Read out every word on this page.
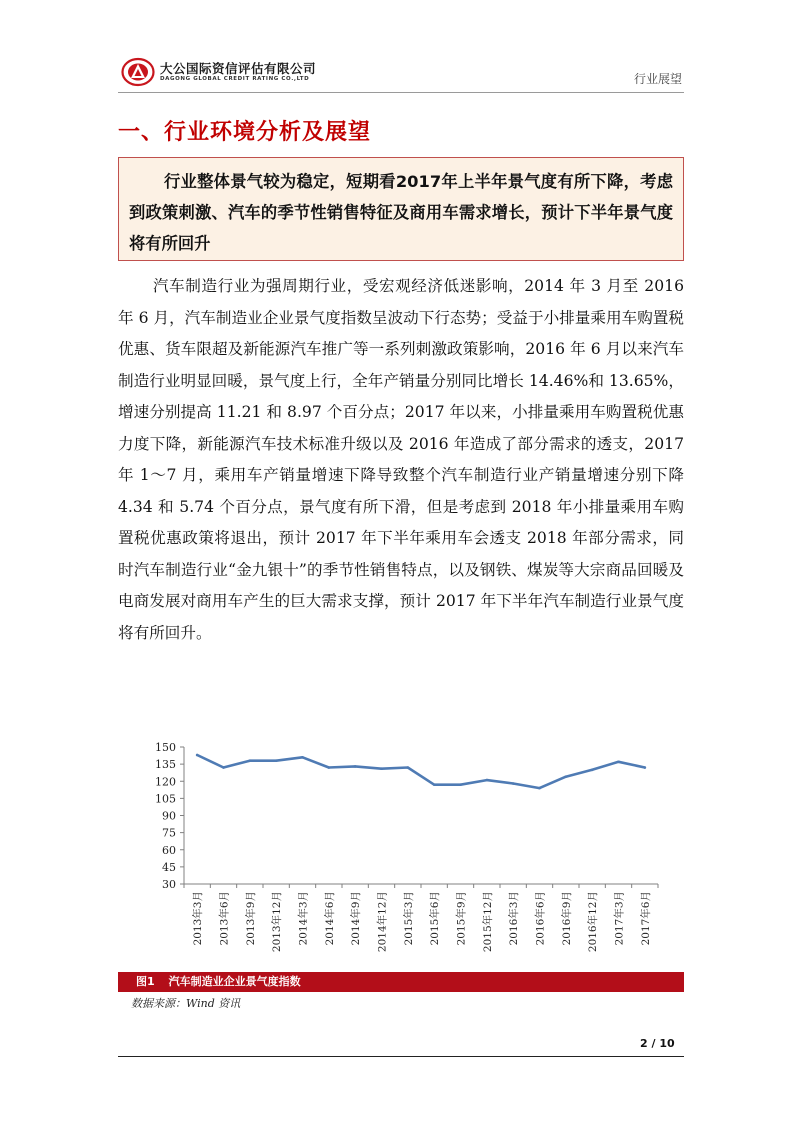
大公国际资信评估有限公司
DAGONG GLOBAL CREDIT RATING CO.,LTD	行业展望
一、行业环境分析及展望
行业整体景气较为稳定，短期看2017年上半年景气度有所下降，考虑到政策刺激、汽车的季节性销售特征及商用车需求增长，预计下半年景气度将有所回升
汽车制造行业为强周期行业，受宏观经济低迷影响，2014 年 3 月至 2016 年 6 月，汽车制造业企业景气度指数呈波动下行态势；受益于小排量乘用车购置税优惠、货车限超及新能源汽车推广等一系列刺激政策影响，2016 年 6 月以来汽车制造行业明显回暖，景气度上行，全年产销量分别同比增长 14.46%和 13.65%，增速分别提高 11.21 和 8.97 个百分点；2017 年以来，小排量乘用车购置税优惠力度下降，新能源汽车技术标准升级以及 2016 年造成了部分需求的透支，2017 年 1～7 月，乘用车产销量增速下降导致整个汽车制造行业产销量增速分别下降 4.34 和 5.74 个百分点，景气度有所下滑，但是考虑到 2018 年小排量乘用车购置税优惠政策将退出，预计 2017 年下半年乘用车会透支 2018 年部分需求，同时汽车制造行业“金九银十”的季节性销售特点，以及钢铁、煤炭等大宗商品回暖及电商发展对商用车产生的巨大需求支撑，预计 2017 年下半年汽车制造行业景气度将有所回升。
150
135
120
105
90
75
60
45
30
2013年3月 2013年6月 2013年9月 2013年12月 2014年3月 2014年6月 2014年9月 2014年12月 2015年3月 2015年6月 2015年9月 2015年12月 2016年3月 2016年6月 2016年9月 2016年12月 2017年3月 2017年6月
图1 汽车制造业企业景气度指数
数据来源：Wind 资讯
2 / 10
